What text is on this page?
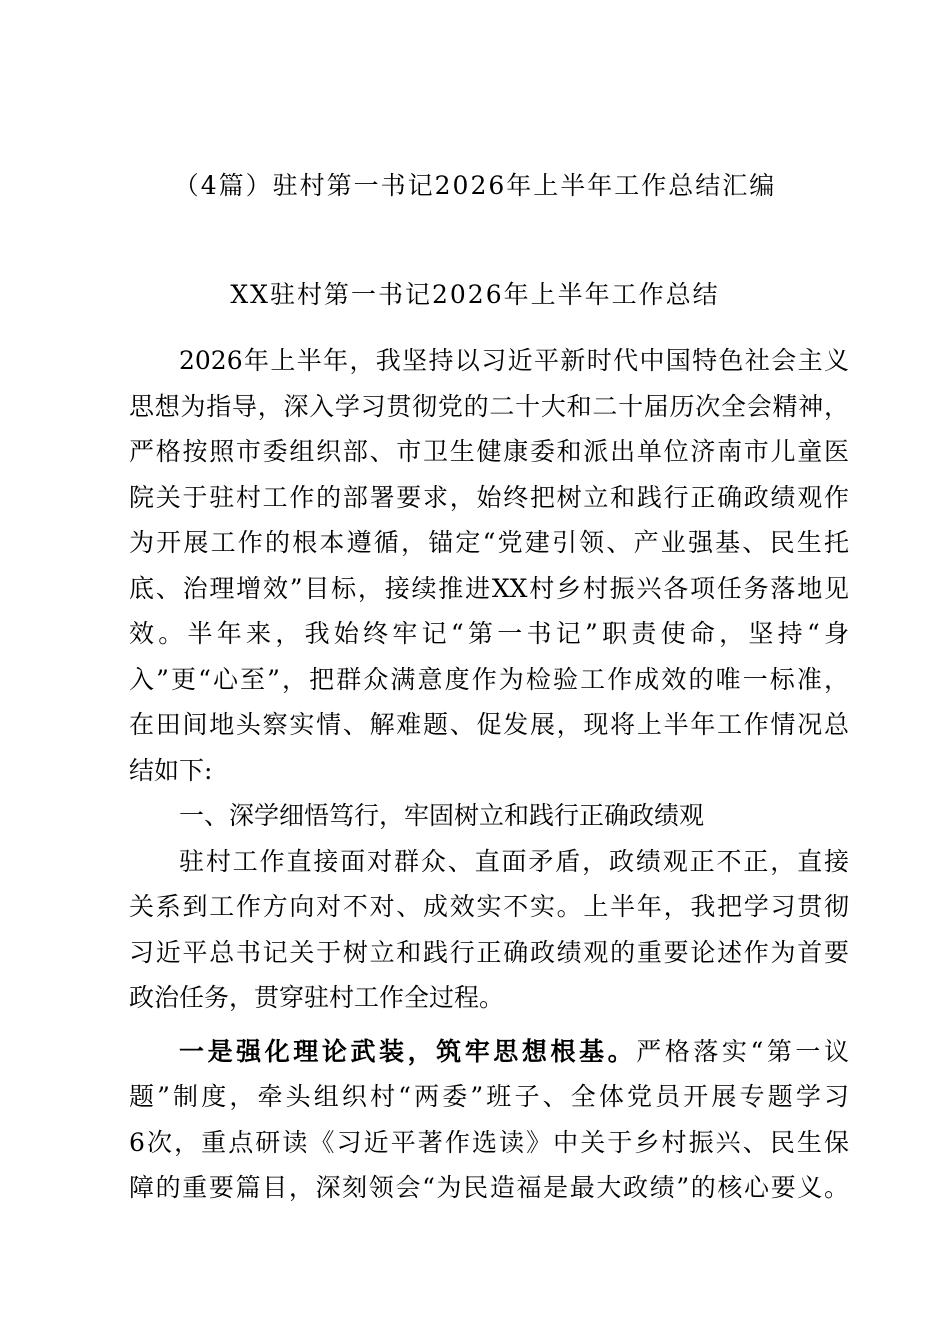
（4篇）驻村第一书记2026年上半年工作总结汇编
XX驻村第一书记2026年上半年工作总结
2026年上半年，我坚持以习近平新时代中国特色社会主义
思想为指导，深入学习贯彻党的二十大和二十届历次全会精神，
严格按照市委组织部、市卫生健康委和派出单位济南市儿童医
院关于驻村工作的部署要求，始终把树立和践行正确政绩观作
为开展工作的根本遵循，锚定“党建引领、产业强基、民生托
底、治理增效”目标，接续推进XX村乡村振兴各项任务落地见
效。半年来，我始终牢记“第一书记”职责使命，坚持“身
入”更“心至”，把群众满意度作为检验工作成效的唯一标准，
在田间地头察实情、解难题、促发展，现将上半年工作情况总
结如下:
一、深学细悟笃行，牢固树立和践行正确政绩观
驻村工作直接面对群众、直面矛盾，政绩观正不正，直接
关系到工作方向对不对、成效实不实。上半年，我把学习贯彻
习近平总书记关于树立和践行正确政绩观的重要论述作为首要
政治任务，贯穿驻村工作全过程。
一是强化理论武装，筑牢思想根基。严格落实“第一议
题”制度，牵头组织村“两委”班子、全体党员开展专题学习
6次，重点研读《习近平著作选读》中关于乡村振兴、民生保
障的重要篇目，深刻领会“为民造福是最大政绩”的核心要义。
